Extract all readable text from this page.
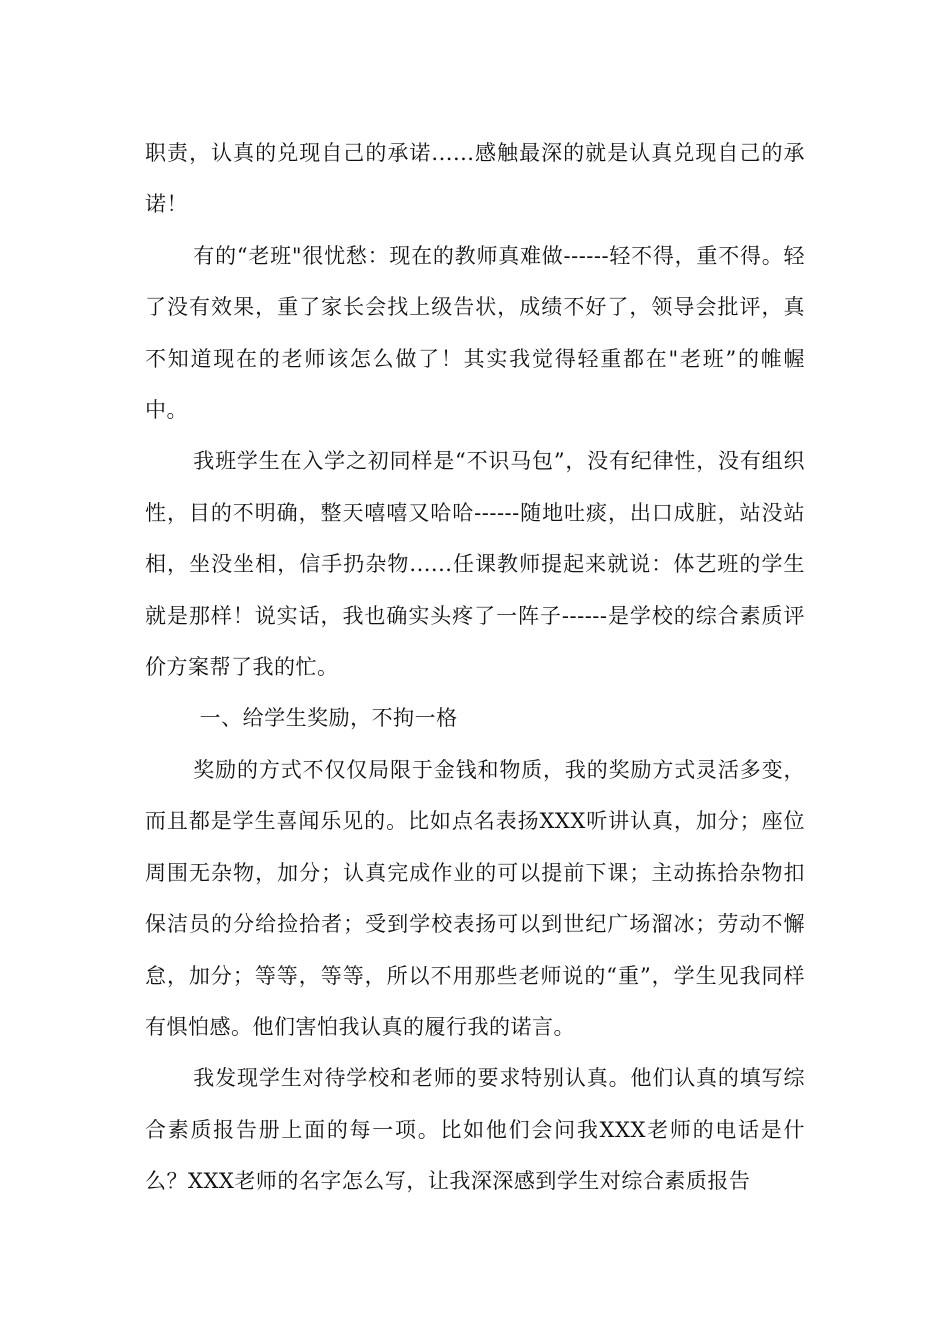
职责，认真的兑现自己的承诺......感触最深的就是认真兑现自己的承诺！

有的“老班"很忧愁：现在的教师真难做------轻不得，重不得。轻了没有效果，重了家长会找上级告状，成绩不好了，领导会批评，真不知道现在的老师该怎么做了！其实我觉得轻重都在"老班”的帷幄中。

我班学生在入学之初同样是“不识马包”，没有纪律性，没有组织性，目的不明确，整天嘻嘻又哈哈------随地吐痰，出口成脏，站没站相，坐没坐相，信手扔杂物......任课教师提起来就说：体艺班的学生就是那样！说实话，我也确实头疼了一阵子------是学校的综合素质评价方案帮了我的忙。

一、给学生奖励，不拘一格

奖励的方式不仅仅局限于金钱和物质，我的奖励方式灵活多变，而且都是学生喜闻乐见的。比如点名表扬XXX听讲认真，加分；座位周围无杂物，加分；认真完成作业的可以提前下课；主动拣拾杂物扣保洁员的分给捡拾者；受到学校表扬可以到世纪广场溜冰；劳动不懈怠，加分；等等，等等，所以不用那些老师说的“重”，学生见我同样有惧怕感。他们害怕我认真的履行我的诺言。

我发现学生对待学校和老师的要求特别认真。他们认真的填写综合素质报告册上面的每一项。比如他们会问我XXX老师的电话是什么？XXX老师的名字怎么写，让我深深感到学生对综合素质报告
